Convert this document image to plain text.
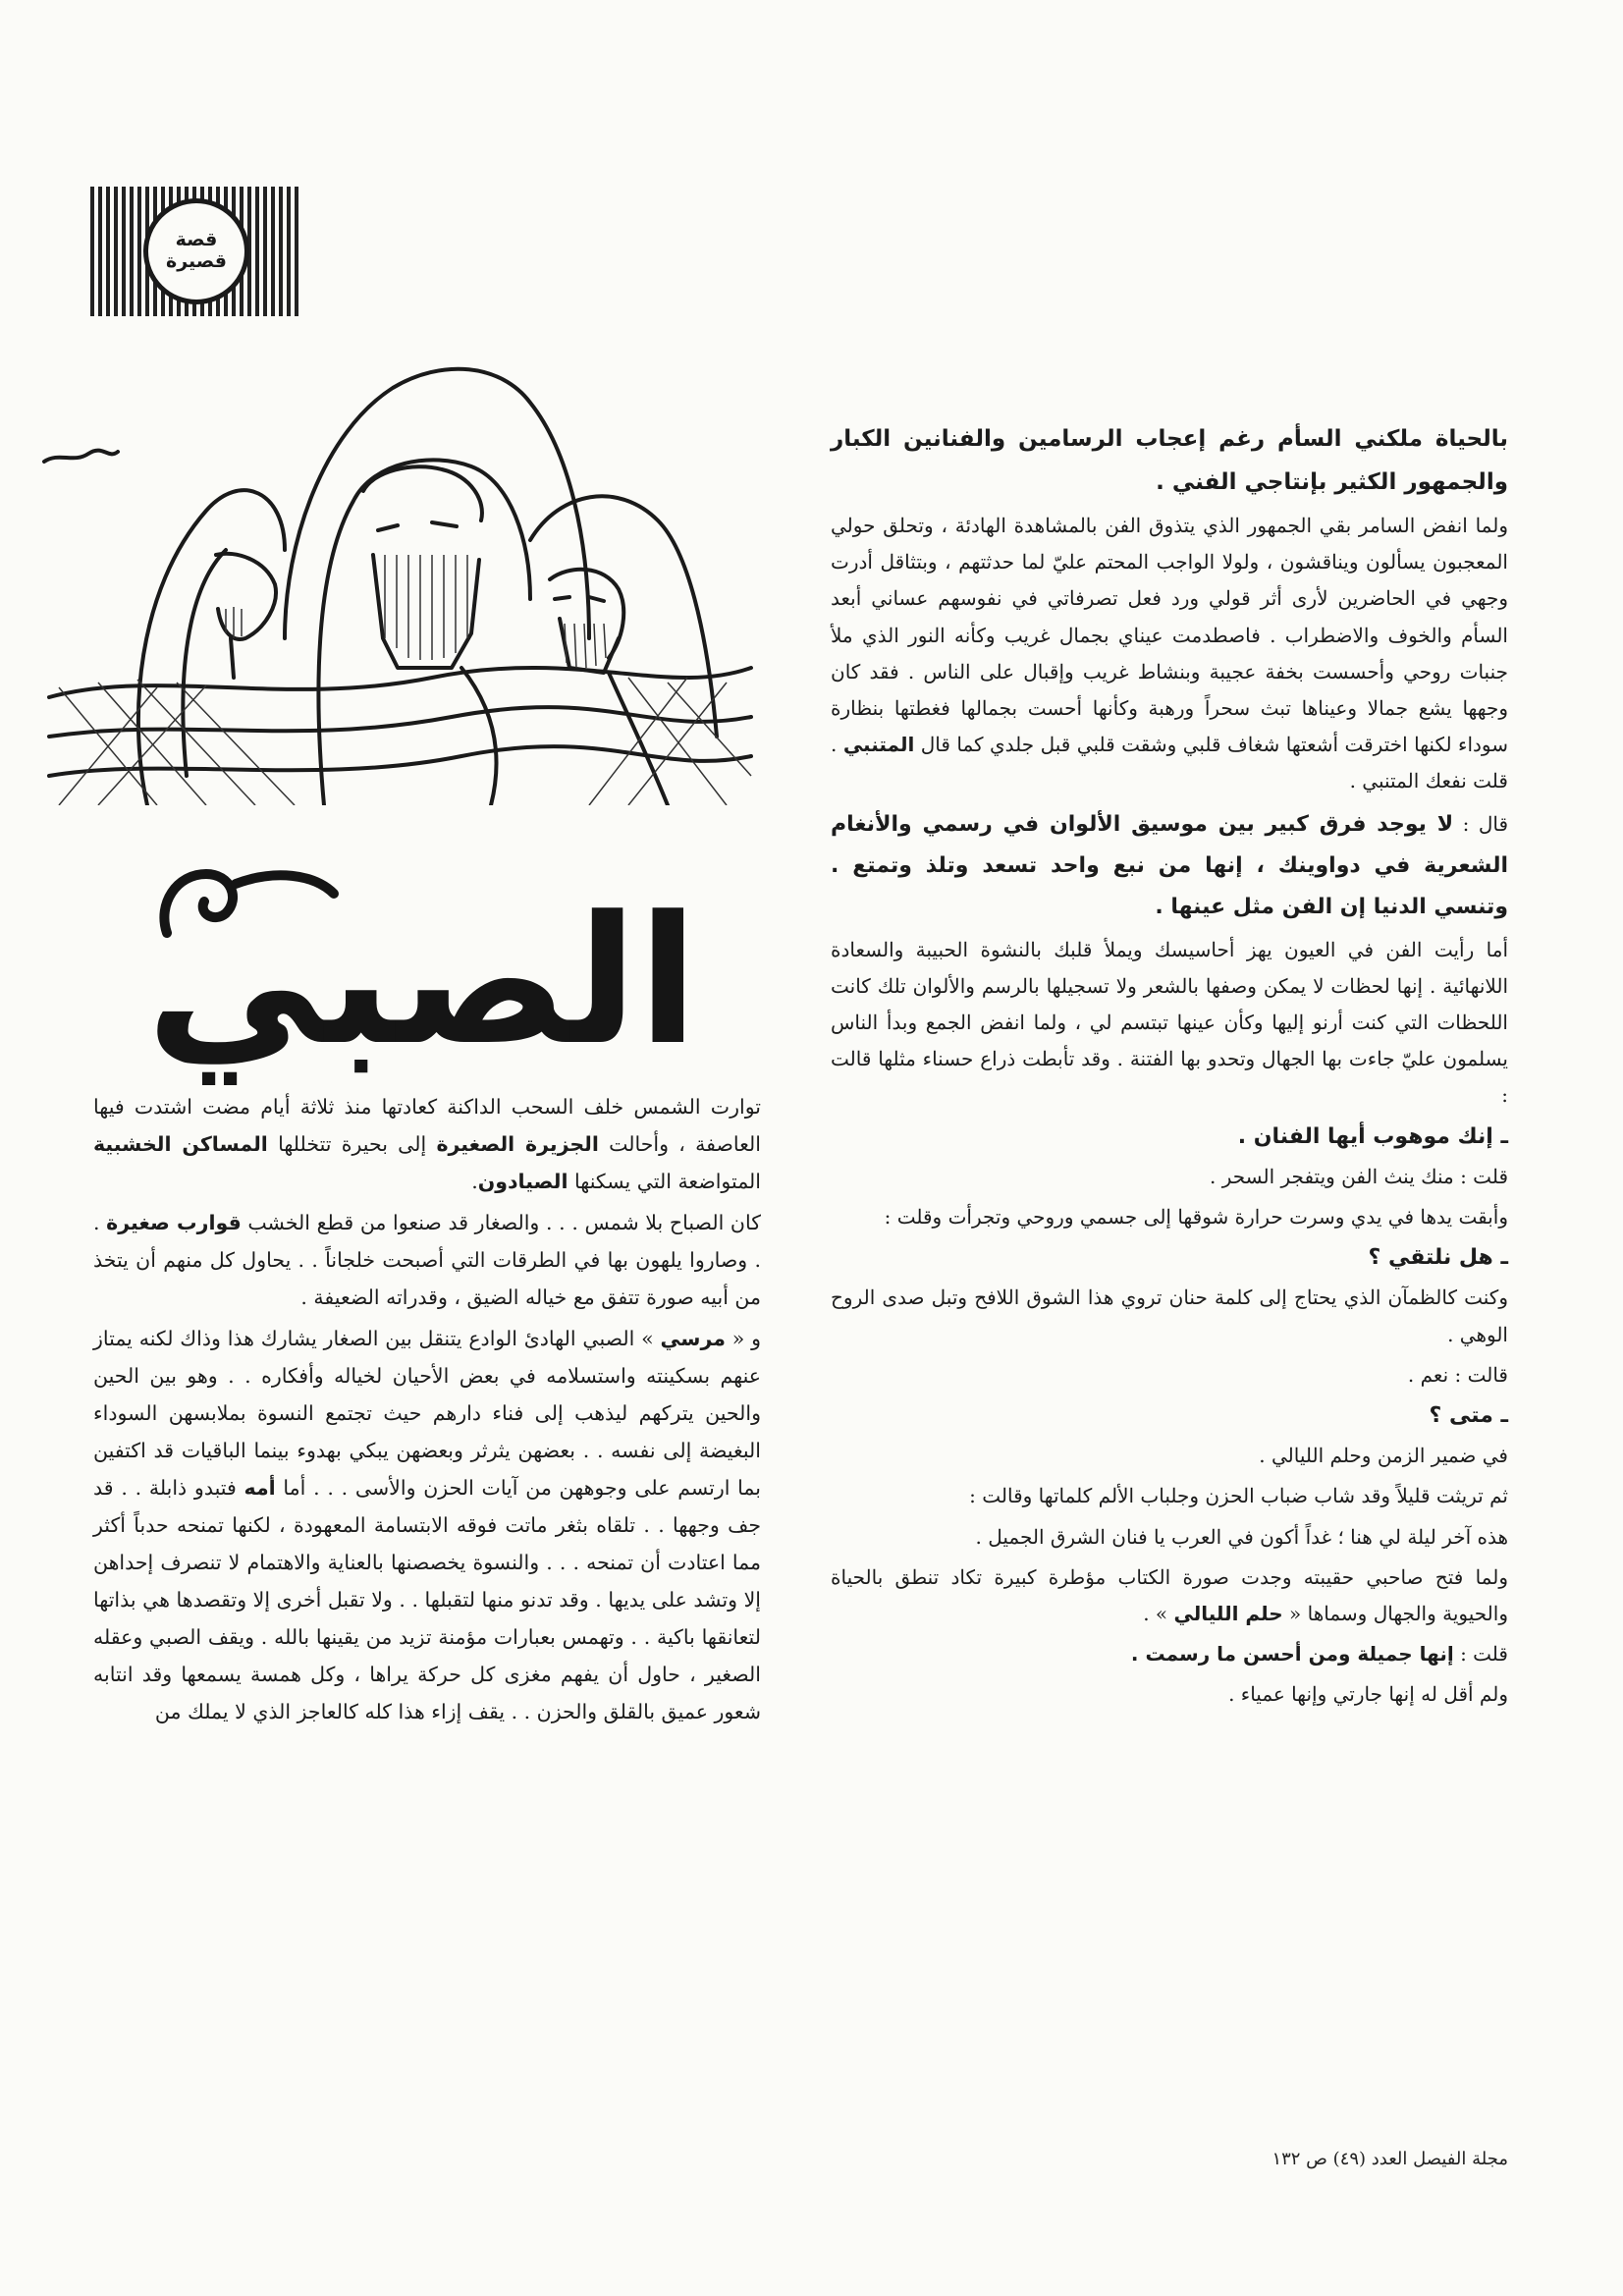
قصة
قصيرة
الصبي

توارت الشمس خلف السحب الداكنة كعادتها منذ ثلاثة أيام مضت اشتدت فيها العاصفة ، وأحالت الجزيرة الصغيرة إلى بحيرة تتخللها المساكن الخشبية المتواضعة التي يسكنها الصيادون.

كان الصباح بلا شمس . . . والصغار قد صنعوا من قطع الخشب قوارب صغيرة . . وصاروا يلهون بها في الطرقات التي أصبحت خلجاناً . . يحاول كل منهم أن يتخذ من أبيه صورة تتفق مع خياله الضيق ، وقدراته الضعيفة .

و « مرسي » الصبي الهادئ الوادع يتنقل بين الصغار يشارك هذا وذاك لكنه يمتاز عنهم بسكينته واستسلامه في بعض الأحيان لخياله وأفكاره . . وهو بين الحين والحين يتركهم ليذهب إلى فناء دارهم حيث تجتمع النسوة بملابسهن السوداء البغيضة إلى نفسه . . بعضهن يثرثر وبعضهن يبكي بهدوء بينما الباقيات قد اكتفين بما ارتسم على وجوههن من آيات الحزن والأسى . . . أما أمه فتبدو ذابلة . . قد جف وجهها . . تلقاه بثغر ماتت فوقه الابتسامة المعهودة ، لكنها تمنحه حدباً أكثر مما اعتادت أن تمنحه . . . والنسوة يخصصنها بالعناية والاهتمام لا تنصرف إحداهن إلا وتشد على يديها . وقد تدنو منها لتقبلها . . ولا تقبل أخرى إلا وتقصدها هي بذاتها لتعانقها باكية . . وتهمس بعبارات مؤمنة تزيد من يقينها بالله . ويقف الصبي وعقله الصغير ، حاول أن يفهم مغزى كل حركة يراها ، وكل همسة يسمعها وقد انتابه شعور عميق بالقلق والحزن . . يقف إزاء هذا كله كالعاجز الذي لا يملك من

بالحياة ملكني السأم رغم إعجاب الرسامين والفنانين الكبار والجمهور الكثير بإنتاجي الفني .

ولما انفض السامر بقي الجمهور الذي يتذوق الفن بالمشاهدة الهادئة ، وتحلق حولي المعجبون يسألون ويناقشون ، ولولا الواجب المحتم عليّ لما حدثتهم ، وبتثاقل أدرت وجهي في الحاضرين لأرى أثر قولي ورد فعل تصرفاتي في نفوسهم عساني أبعد السأم والخوف والاضطراب . فاصطدمت عيناي بجمال غريب وكأنه النور الذي ملأ جنبات روحي وأحسست بخفة عجيبة وبنشاط غريب وإقبال على الناس . فقد كان وجهها يشع جمالا وعيناها تبث سحراً ورهبة وكأنها أحست بجمالها فغطتها بنظارة سوداء لكنها اخترقت أشعتها شغاف قلبي وشقت قلبي قبل جلدي كما قال المتنبي . قلت نفعك المتنبي .

قال : لا يوجد فرق كبير بين موسيق الألوان في رسمي والأنغام الشعرية في دواوينك ، إنها من نبع واحد تسعد وتلذ وتمتع . وتنسي الدنيا إن الفن مثل عينها .

أما رأيت الفن في العيون يهز أحاسيسك ويملأ قلبك بالنشوة الحبيبة والسعادة اللانهائية . إنها لحظات لا يمكن وصفها بالشعر ولا تسجيلها بالرسم والألوان تلك كانت اللحظات التي كنت أرنو إليها وكأن عينها تبتسم لي ، ولما انفض الجمع وبدأ الناس يسلمون عليّ جاءت بها الجهال وتحدو بها الفتنة . وقد تأبطت ذراع حسناء مثلها قالت :

ـ إنك موهوب أيها الفنان .

قلت : منك ينث الفن ويتفجر السحر .

وأبقت يدها في يدي وسرت حرارة شوقها إلى جسمي وروحي وتجرأت وقلت :

ـ هل نلتقي ؟

وكنت كالظمآن الذي يحتاج إلى كلمة حنان تروي هذا الشوق اللافح وتبل صدى الروح الوهي .

قالت : نعم .

ـ متى ؟

في ضمير الزمن وحلم الليالي .

ثم تريثت قليلاً وقد شاب ضباب الحزن وجلباب الألم كلماتها وقالت :

هذه آخر ليلة لي هنا ؛ غداً أكون في العرب يا فنان الشرق الجميل .

ولما فتح صاحبي حقيبته وجدت صورة الكتاب مؤطرة كبيرة تكاد تنطق بالحياة والحيوية والجهال وسماها « حلم الليالي » .

قلت : إنها جميلة ومن أحسن ما رسمت .

ولم أقل له إنها جارتي وإنها عمياء .

مجلة الفيصل العدد (٤٩) ص ١٣٢
